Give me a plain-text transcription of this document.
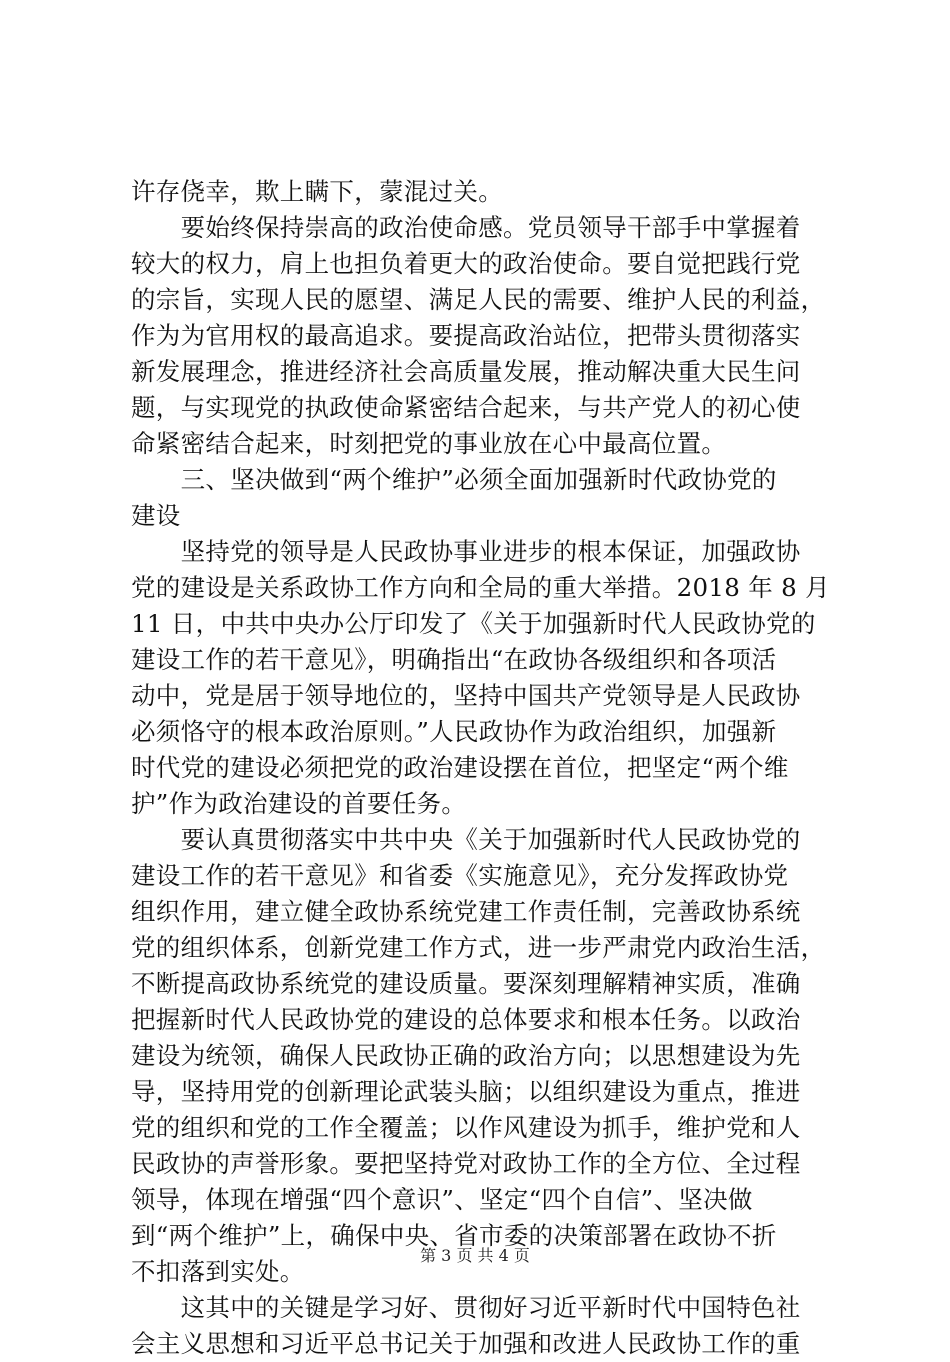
许存侥幸，欺上瞒下，蒙混过关。
　　要始终保持崇高的政治使命感。党员领导干部手中掌握着
较大的权力，肩上也担负着更大的政治使命。要自觉把践行党
的宗旨，实现人民的愿望、满足人民的需要、维护人民的利益，
作为为官用权的最高追求。要提高政治站位，把带头贯彻落实
新发展理念，推进经济社会高质量发展，推动解决重大民生问
题，与实现党的执政使命紧密结合起来，与共产党人的初心使
命紧密结合起来，时刻把党的事业放在心中最高位置。
　　三、坚决做到“两个维护”必须全面加强新时代政协党的
建设
　　坚持党的领导是人民政协事业进步的根本保证，加强政协
党的建设是关系政协工作方向和全局的重大举措。2018 年 8 月
11 日，中共中央办公厅印发了《关于加强新时代人民政协党的
建设工作的若干意见》，明确指出“在政协各级组织和各项活
动中，党是居于领导地位的，坚持中国共产党领导是人民政协
必须恪守的根本政治原则。”人民政协作为政治组织，加强新
时代党的建设必须把党的政治建设摆在首位，把坚定“两个维
护”作为政治建设的首要任务。
　　要认真贯彻落实中共中央《关于加强新时代人民政协党的
建设工作的若干意见》和省委《实施意见》，充分发挥政协党
组织作用，建立健全政协系统党建工作责任制，完善政协系统
党的组织体系，创新党建工作方式，进一步严肃党内政治生活，
不断提高政协系统党的建设质量。要深刻理解精神实质，准确
把握新时代人民政协党的建设的总体要求和根本任务。以政治
建设为统领，确保人民政协正确的政治方向；以思想建设为先
导，坚持用党的创新理论武装头脑；以组织建设为重点，推进
党的组织和党的工作全覆盖；以作风建设为抓手，维护党和人
民政协的声誉形象。要把坚持党对政协工作的全方位、全过程
领导，体现在增强“四个意识”、坚定“四个自信”、坚决做
到“两个维护”上，确保中央、省市委的决策部署在政协不折
不扣落到实处。
　　这其中的关键是学习好、贯彻好习近平新时代中国特色社
会主义思想和习近平总书记关于加强和改进人民政协工作的重
第 3 页 共 4 页
